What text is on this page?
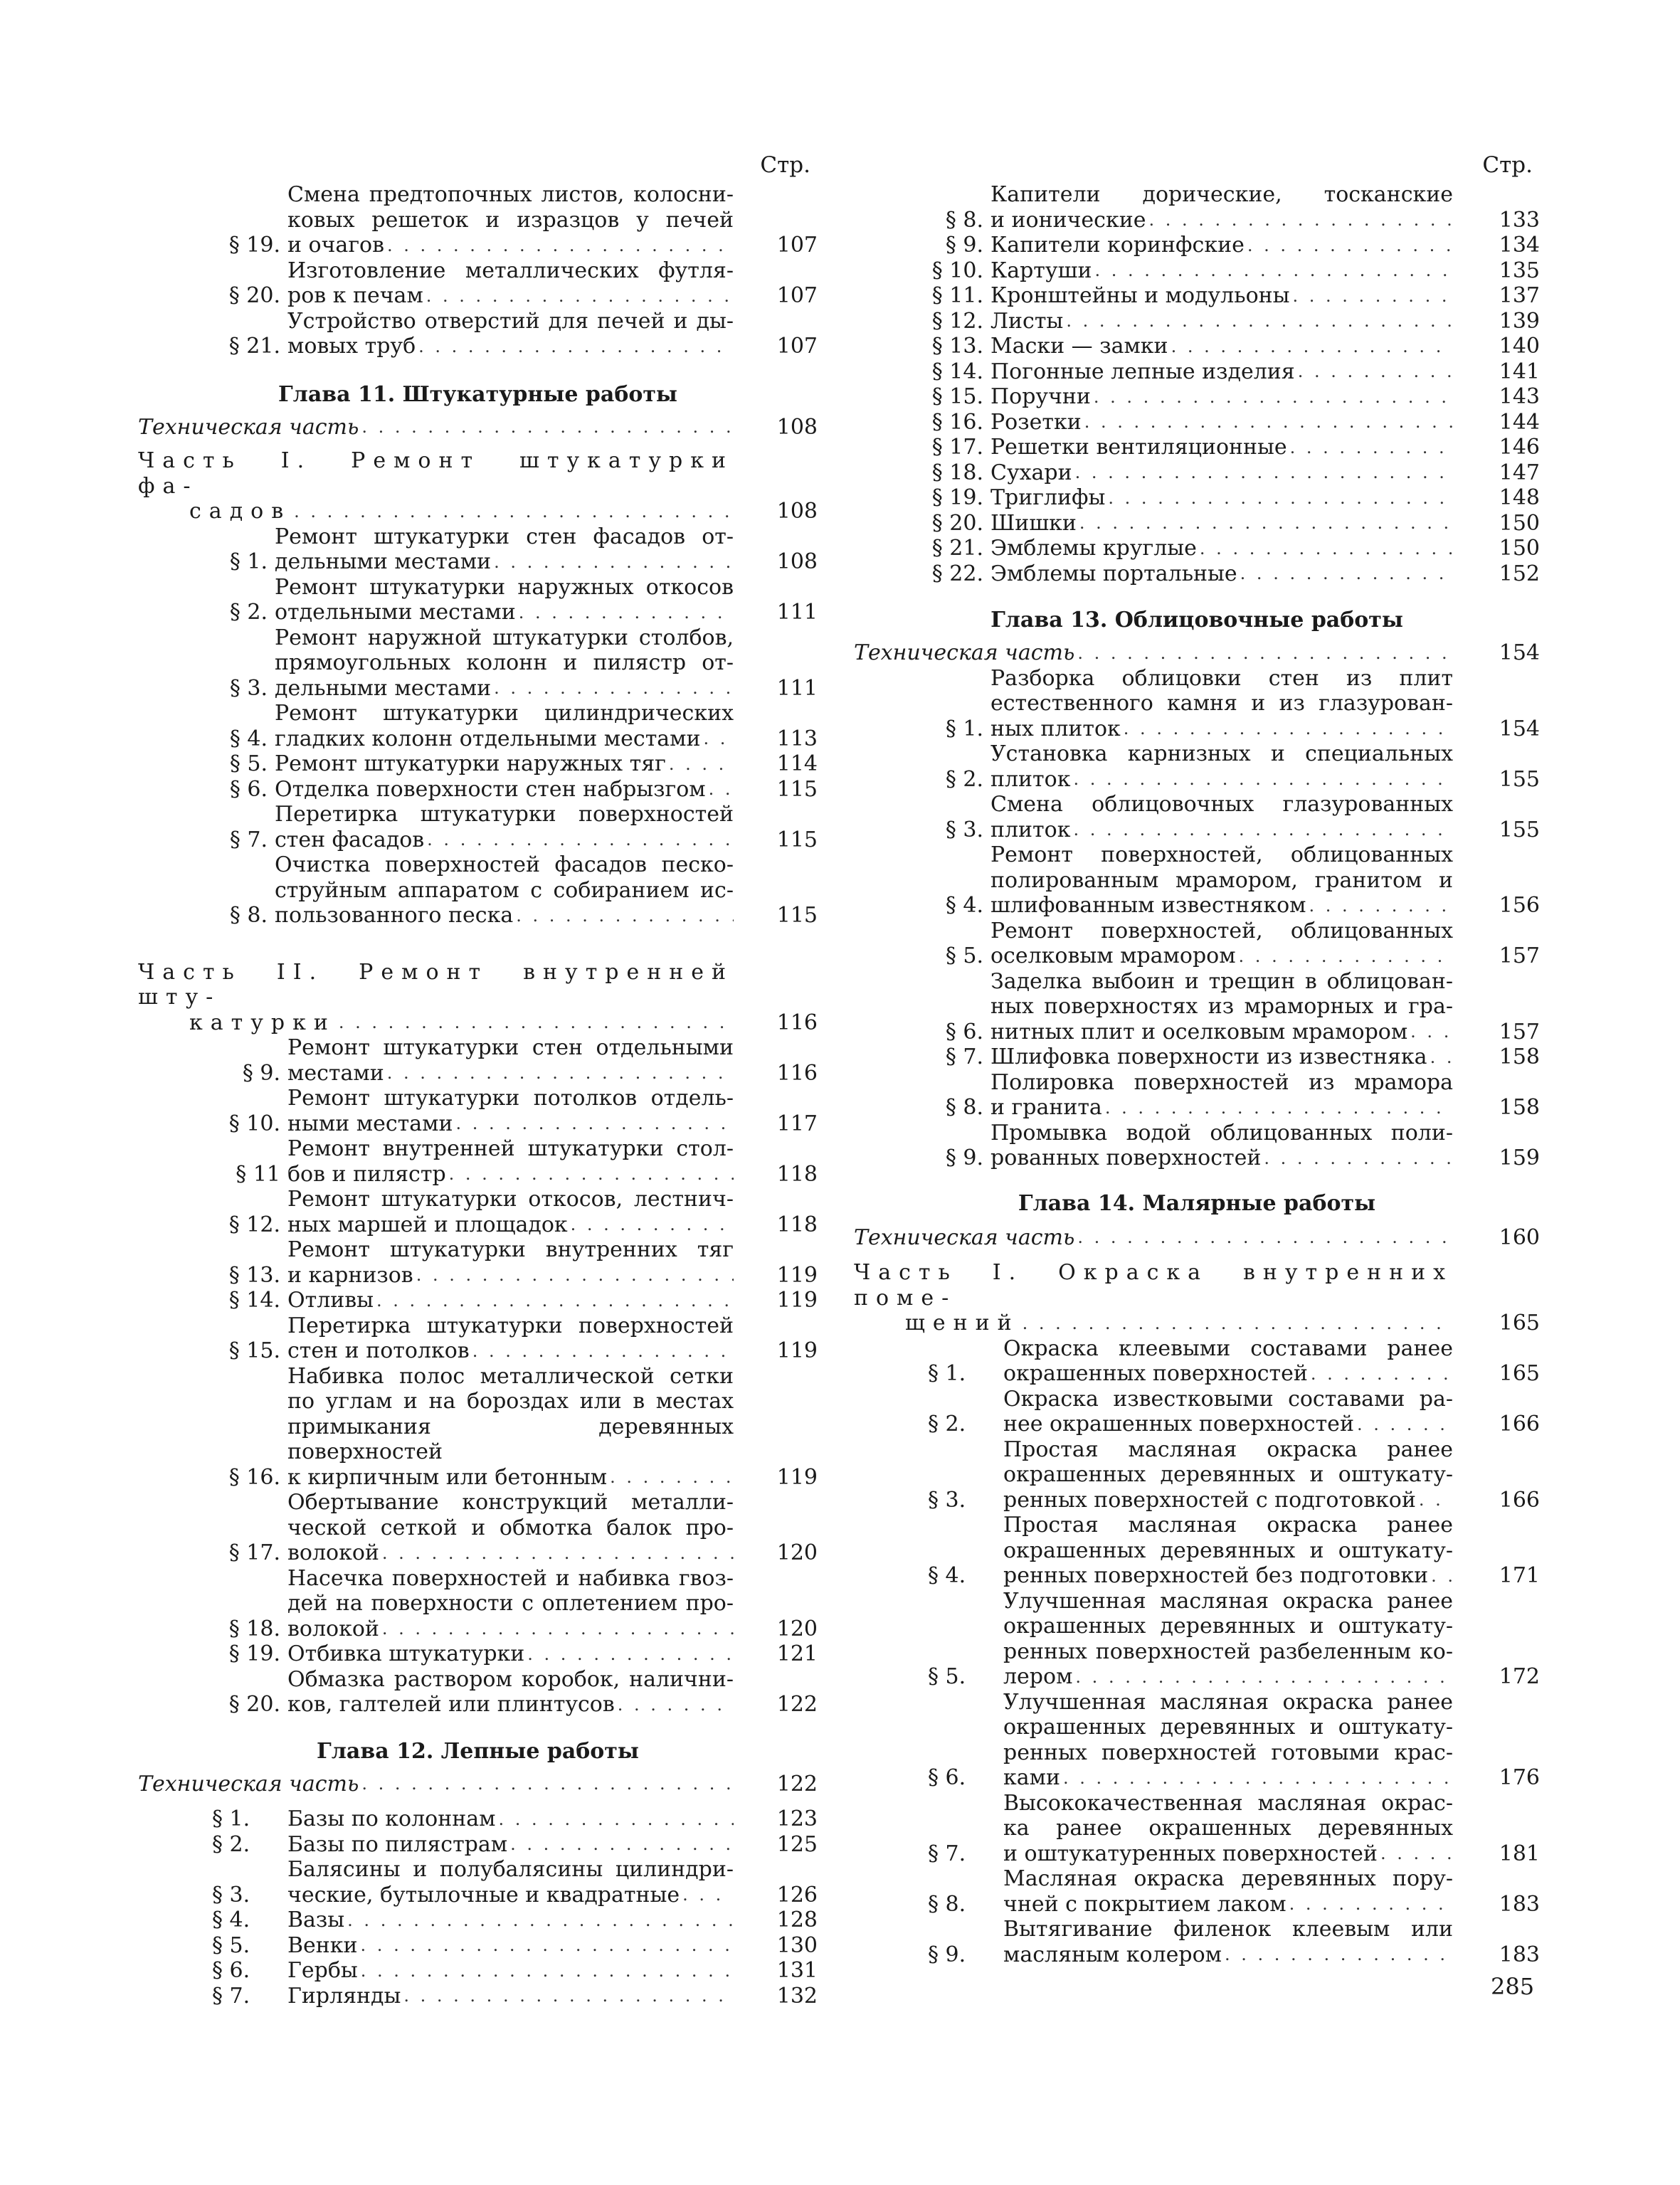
Стр.
§ 19.
Смена предтопочных листов, колосни-
ковых решеток и изразцов у печей
и очагов . . .	107
§ 20.
Изготовление металлических футля-
ров к печам . . .	107
§ 21.
Устройство отверстий для печей и ды-
мовых труб . . .	107
Глава 11. Штукатурные работы
Техническая часть . . .	108
Часть I. Ремонт штукатурки фа-
садов . . .	108
§ 1.
Ремонт штукатурки стен фасадов от-
дельными местами . . .	108
§ 2.
Ремонт штукатурки наружных откосов
отдельными местами . . .	111
§ 3.
Ремонт наружной штукатурки столбов,
прямоугольных колонн и пилястр от-
дельными местами . . .	111
§ 4.
Ремонт штукатурки цилиндрических
гладких колонн отдельными местами . . .	113
§ 5. Ремонт штукатурки наружных тяг . . .	114
§ 6. Отделка поверхности стен набрызгом . . .	115
§ 7.
Перетирка штукатурки поверхностей
стен фасадов . . .	115
§ 8.
Очистка поверхностей фасадов песко-
струйным аппаратом с собиранием ис-
пользованного песка . . .	115
Часть II. Ремонт внутренней шту-
катурки . . .	116
§ 9.
Ремонт штукатурки стен отдельными
местами . . .	116
§ 10.
Ремонт штукатурки потолков отдель-
ными местами . . .	117
§ 11
Ремонт внутренней штукатурки стол-
бов и пилястр . . .	118
§ 12.
Ремонт штукатурки откосов, лестнич-
ных маршей и площадок . . .	118
§ 13.
Ремонт штукатурки внутренних тяг
и карнизов . . .	119
§ 14. Отливы . . .	119
§ 15.
Перетирка штукатурки поверхностей
стен и потолков . . .	119
§ 16.
Набивка полос металлической сетки
по углам и на бороздах или в местах
примыкания деревянных поверхностей
к кирпичным или бетонным . . .	119
§ 17.
Обертывание конструкций металли-
ческой сеткой и обмотка балок про-
волокой . . .	120
§ 18.
Насечка поверхностей и набивка гвоз-
дей на поверхности с оплетением про-
волокой . . .	120
§ 19. Отбивка штукатурки . . .	121
§ 20.
Обмазка раствором коробок, налични-
ков, галтелей или плинтусов . . .	122
Глава 12. Лепные работы
Техническая часть . . .	122
§ 1.	Базы по колоннам . . .	123
§ 2.	Базы по пилястрам . . .	125
§ 3.
Балясины и полубалясины цилиндри-
ческие, бутылочные и квадратные . . .	126
§ 4.	Вазы . . .	128
§ 5.	Венки . . .	130
§ 6.	Гербы . . .	131
§ 7.	Гирлянды . . .	132
Стр.
§ 8.
Капители дорические, тосканские
и ионические . . .	133
§ 9. Капители коринфские . . .	134
§ 10. Картуши . . .	135
§ 11. Кронштейны и модульоны . . .	137
§ 12. Листы . . .	139
§ 13. Маски — замки . . .	140
§ 14. Погонные лепные изделия . . .	141
§ 15. Поручни . . .	143
§ 16. Розетки . . .	144
§ 17. Решетки вентиляционные . . .	146
§ 18. Сухари . . .	147
§ 19. Триглифы . . .	148
§ 20. Шишки . . .	150
§ 21. Эмблемы круглые . . .	150
§ 22. Эмблемы портальные . . .	152
Глава 13. Облицовочные работы
Техническая часть . . .	154
§ 1.
Разборка облицовки стен из плит
естественного камня и из глазурован-
ных плиток . . .	154
§ 2.
Установка карнизных и специальных
плиток . . .	155
§ 3.
Смена облицовочных глазурованных
плиток . . .	155
§ 4.
Ремонт поверхностей, облицованных
полированным мрамором, гранитом и
шлифованным известняком . . .	156
§ 5.
Ремонт поверхностей, облицованных
оселковым мрамором . . .	157
§ 6.
Заделка выбоин и трещин в облицован-
ных поверхностях из мраморных и гра-
нитных плит и оселковым мрамором . . .	157
§ 7. Шлифовка поверхности из известняка . . .	158
§ 8.
Полировка поверхностей из мрамора
и гранита . . .	158
§ 9.
Промывка водой облицованных поли-
рованных поверхностей . . .	159
Глава 14. Малярные работы
Техническая часть . . .	160
Часть I. Окраска внутренних поме-
щений . . .	165
§ 1.
Окраска клеевыми составами ранее
окрашенных поверхностей . . .	165
§ 2.
Окраска известковыми составами ра-
нее окрашенных поверхностей . . .	166
§ 3.
Простая масляная окраска ранее
окрашенных деревянных и оштукату-
ренных поверхностей с подготовкой . . .	166
§ 4.
Простая масляная окраска ранее
окрашенных деревянных и оштукату-
ренных поверхностей без подготовки . . .	171
§ 5.
Улучшенная масляная окраска ранее
окрашенных деревянных и оштукату-
ренных поверхностей разбеленным ко-
лером . . .	172
§ 6.
Улучшенная масляная окраска ранее
окрашенных деревянных и оштукату-
ренных поверхностей готовыми крас-
ками . . .	176
§ 7.
Высококачественная масляная окрас-
ка ранее окрашенных деревянных
и оштукатуренных поверхностей . . .	181
§ 8.
Масляная окраска деревянных пору-
чней с покрытием лаком . . .	183
§ 9.
Вытягивание филенок клеевым или
масляным колером . . .	183
285
